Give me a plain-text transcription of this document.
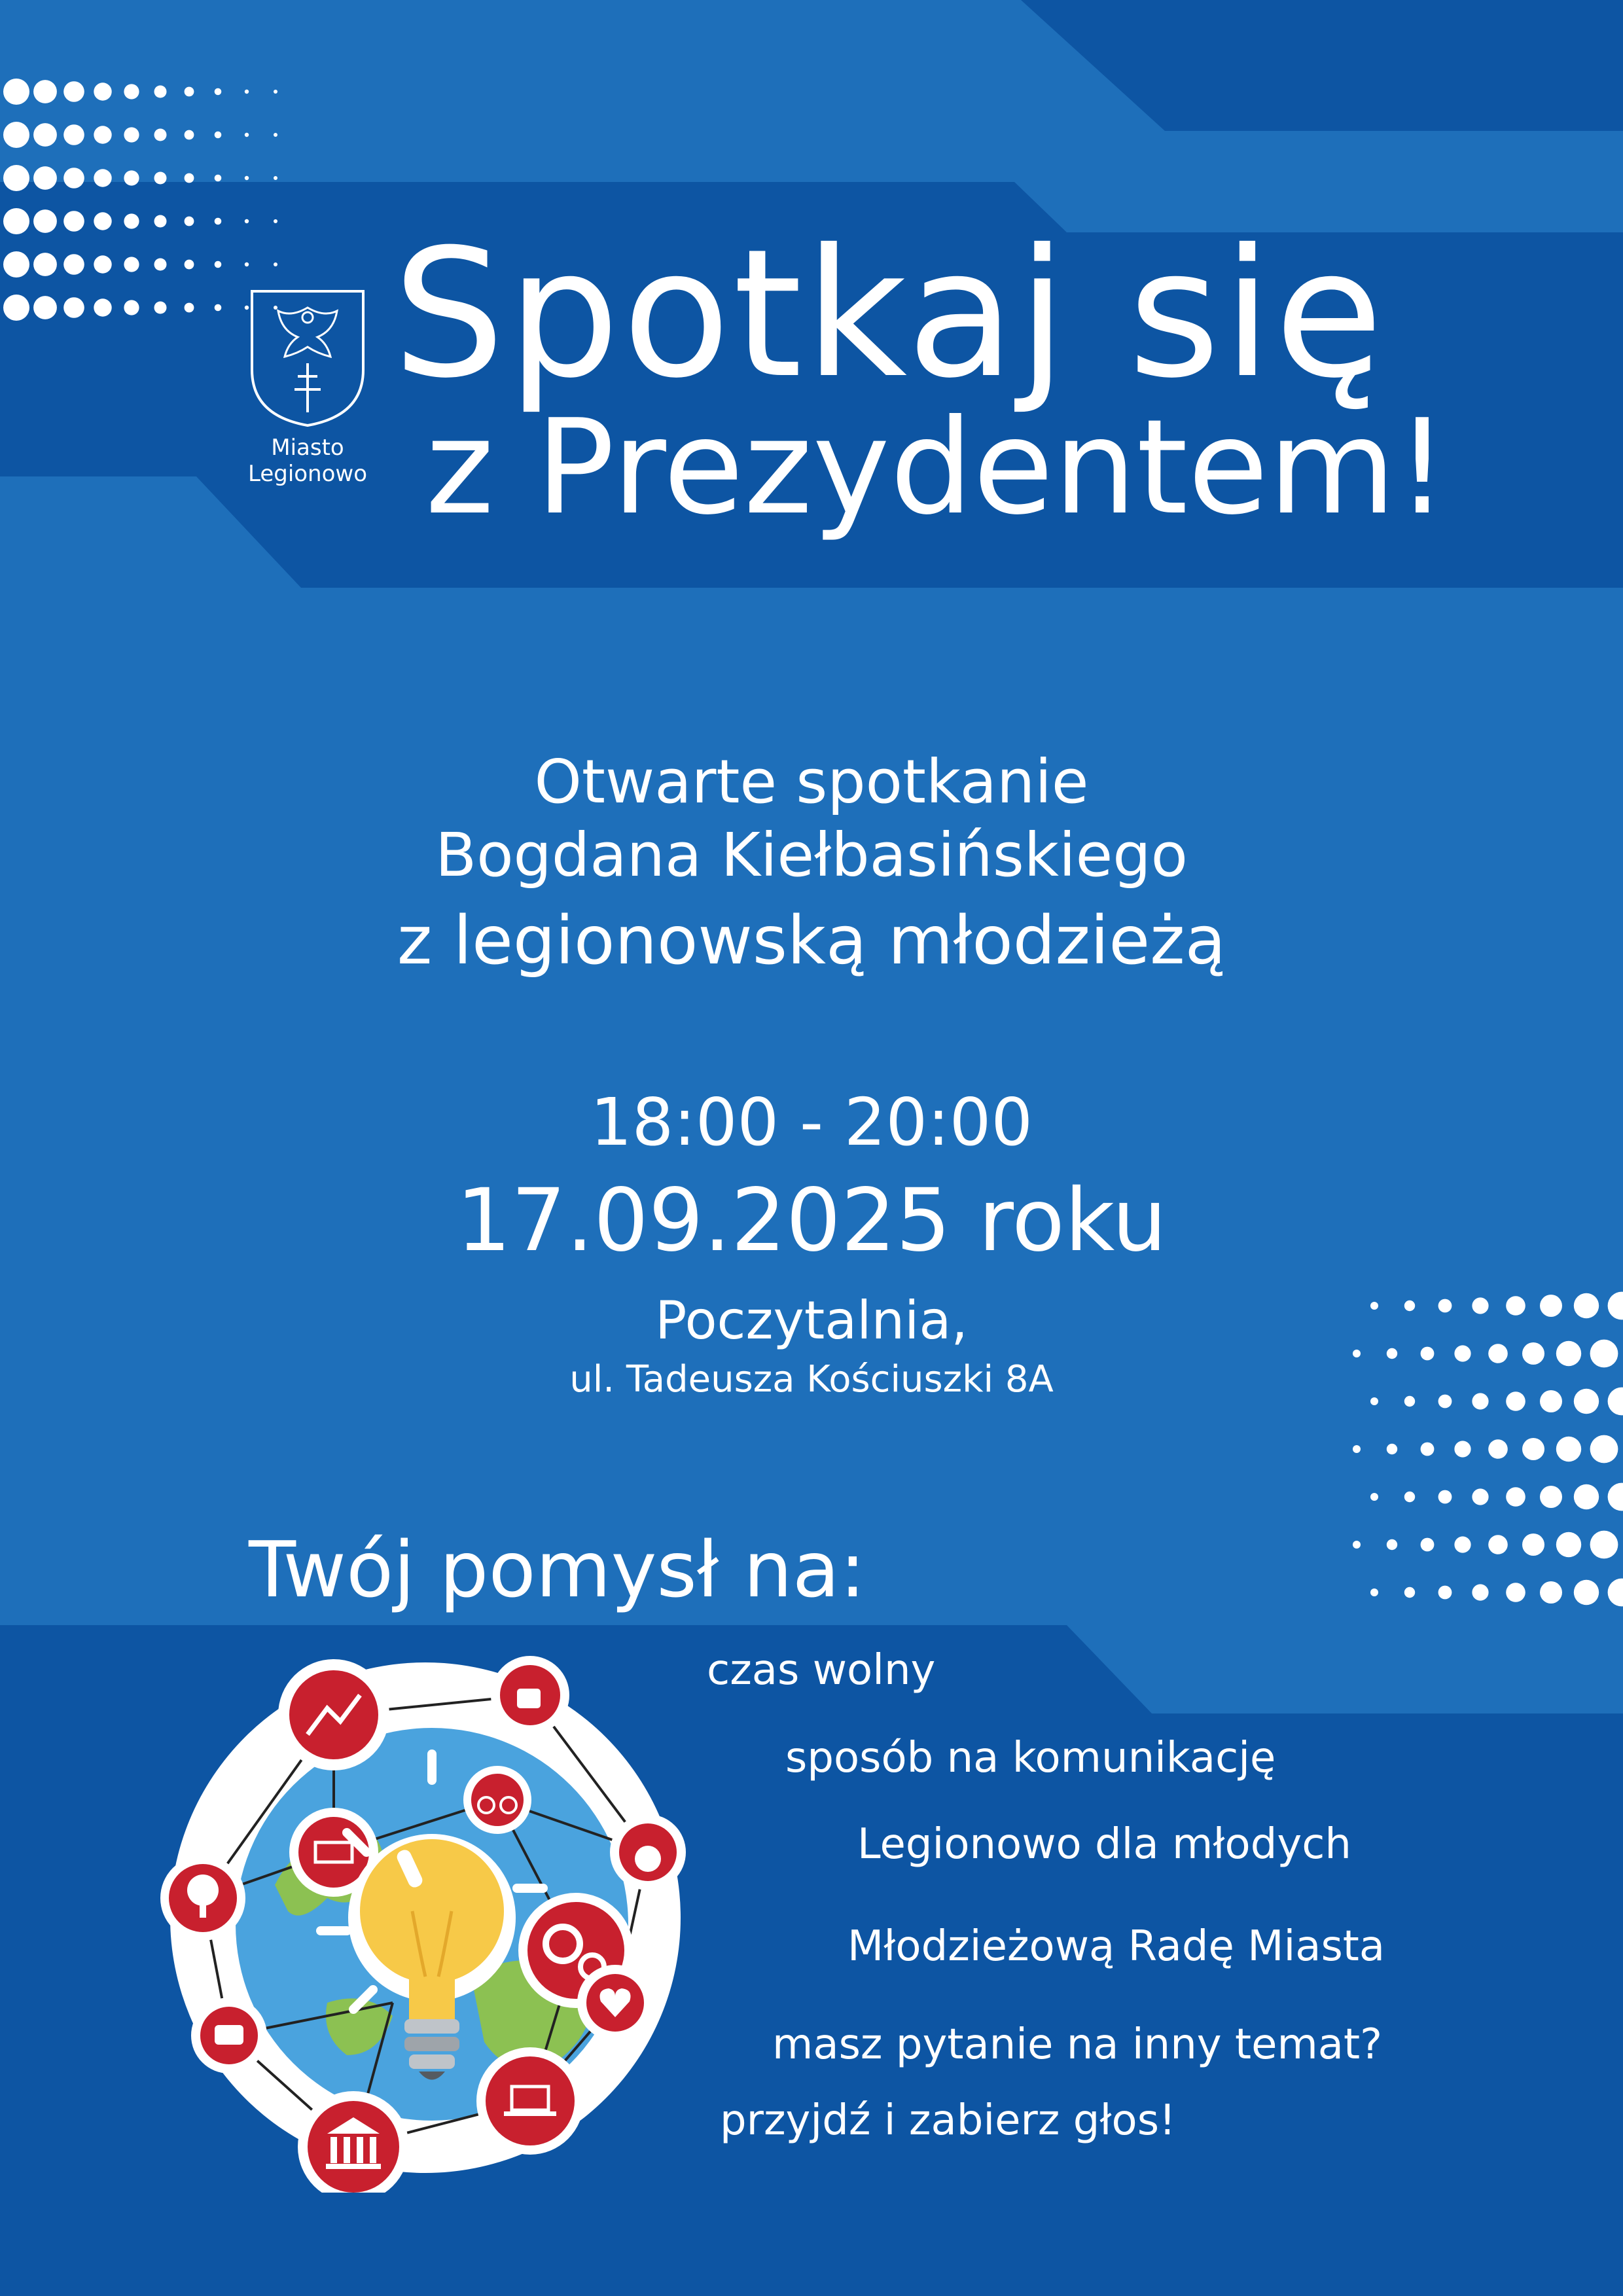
Miasto
Legionowo
Spotkaj się
z Prezydentem!
Otwarte spotkanie
Bogdana Kiełbasińskiego
z legionowską młodzieżą
18:00 - 20:00
17.09.2025 roku
Poczytalnia,
ul. Tadeusza Kościuszki 8A
Twój pomysł na:
czas wolny
sposób na komunikację
Legionowo dla młodych
Młodzieżową Radę Miasta
masz pytanie na inny temat?
przyjdź i zabierz głos!
